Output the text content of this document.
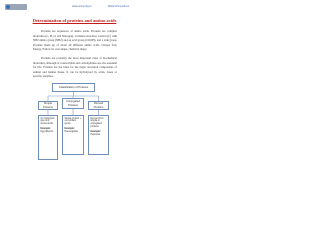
www.vcmp.org.in	Www.Vcmp.edu.in
Determination of proteins and amino acids

Proteins are sequences of amino acids. Proteins are complex molecules (C, H, O, and Nitrogen). Common structure: Carbon (C) with NH2 amino group (NH2) and an acid group (COOH), and a side group. Proteins made up of about 20 different amino acids. Unique fold, Energy, Follow its own shape, chemical shape.

Proteins are probably the most important class of biochemical molecules, although of course lipids and carbohydrates are also essential for life. Proteins are the basis for the major structural components of animal and human tissue. It can be hydrolysed by acids, bases or specific enzymes.

Classification of Proteins
Simple Proteins
Conjugated Proteins	Derived Proteins
On hydrolysis give only amino acids.
Example:
Egg albumin
Simple protein + non-protein group.
Example:
Haemoglobin
Derived from simple or conjugated proteins.
Example:
Peptones
